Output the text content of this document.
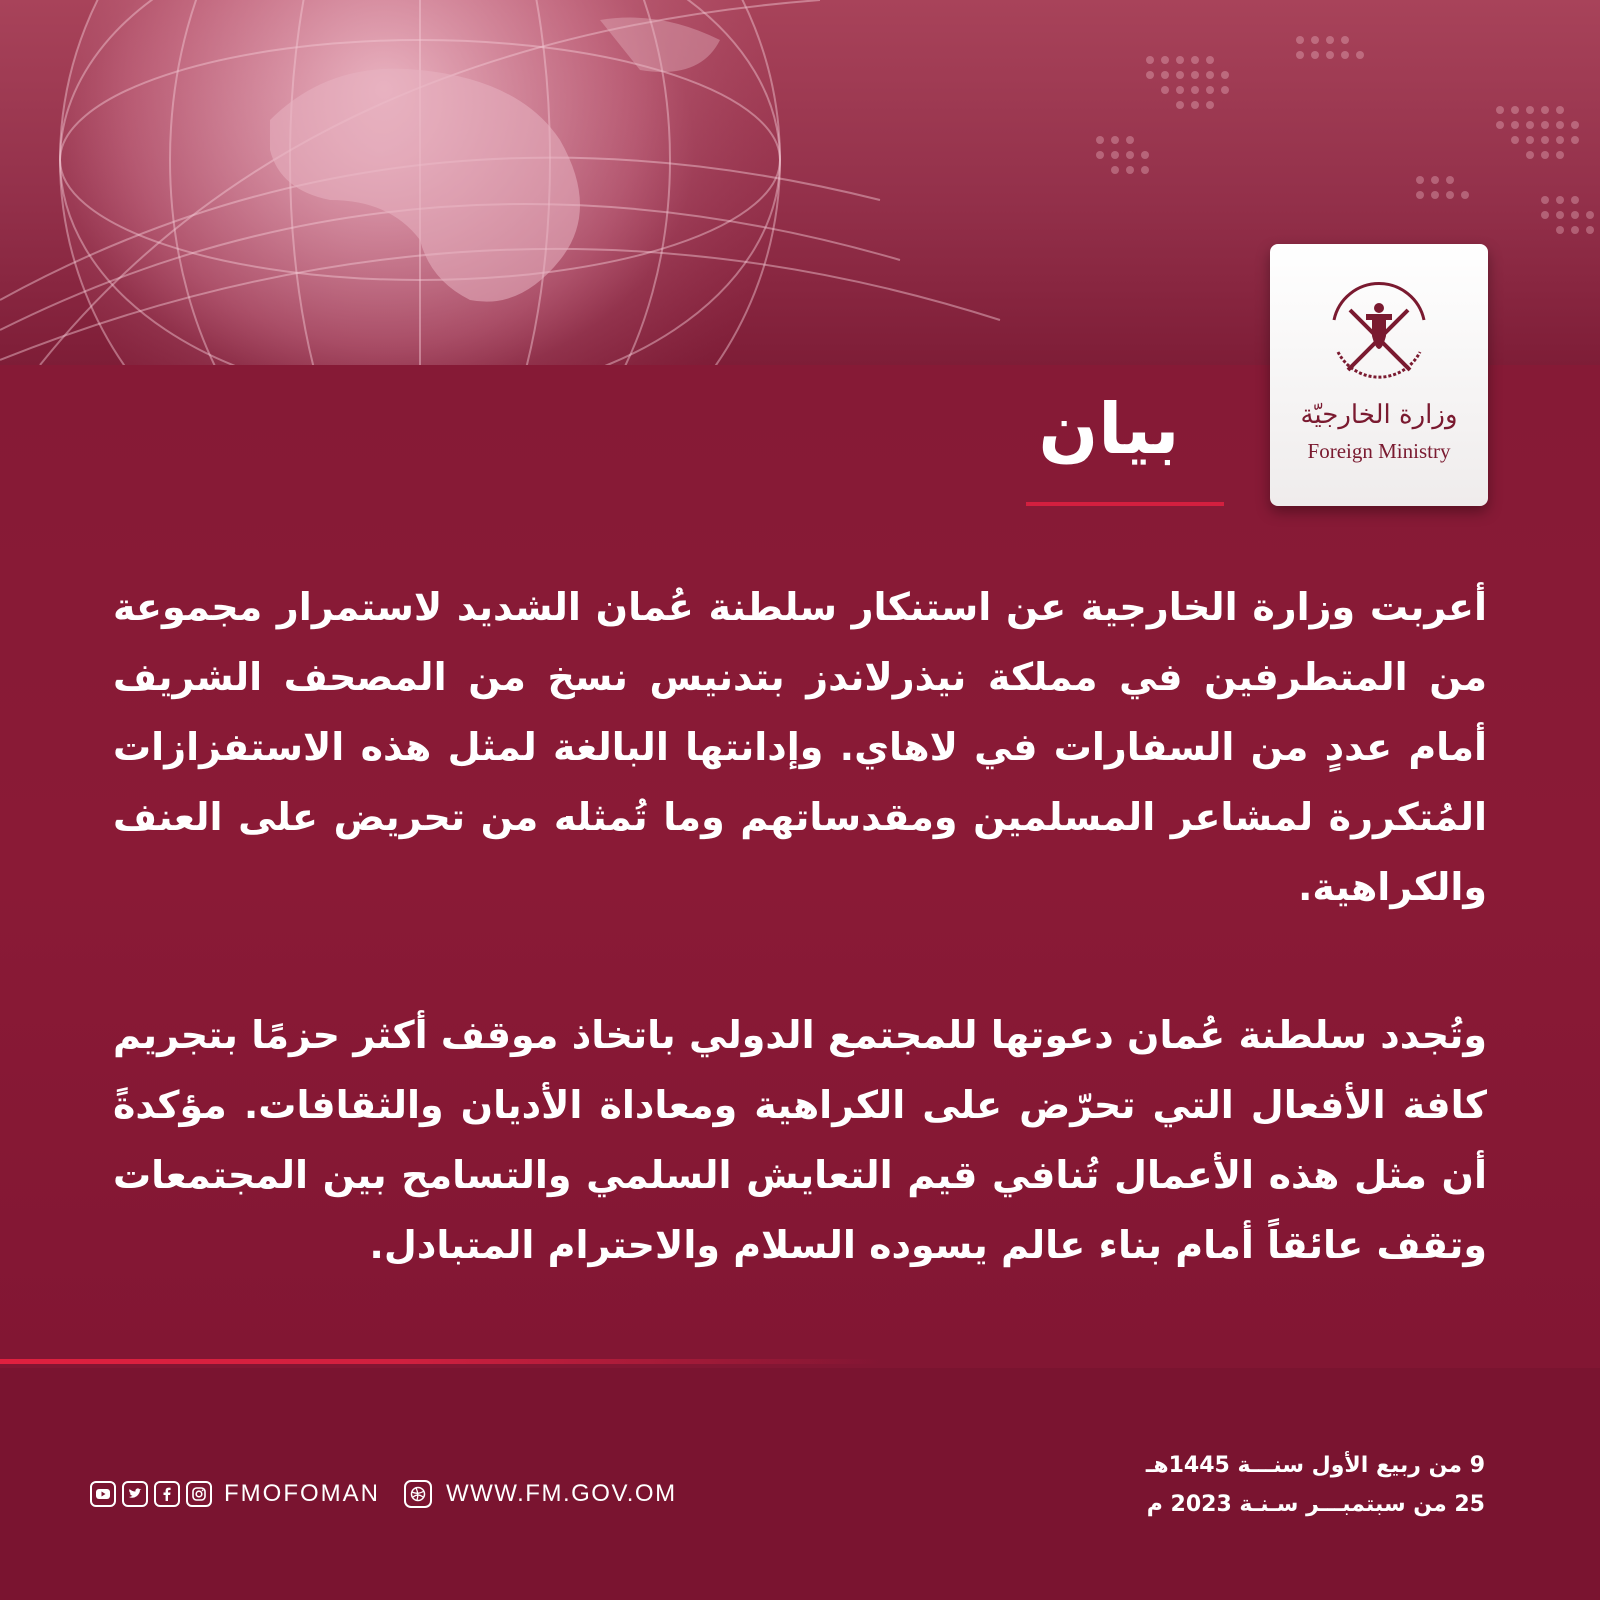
وزارة الخارجيّة
Foreign Ministry
بيان
أعربت وزارة الخارجية عن استنكار سلطنة عُمان الشديد لاستمرار مجموعة من المتطرفين في مملكة نيذرلاندز بتدنيس نسخ من المصحف الشريف أمام عددٍ من السفارات في لاهاي. وإدانتها البالغة لمثل هذه الاستفزازات المُتكررة لمشاعر المسلمين ومقدساتهم وما تُمثله من تحريض على العنف والكراهية.
وتُجدد سلطنة عُمان دعوتها للمجتمع الدولي باتخاذ موقف أكثر حزمًا بتجريم كافة الأفعال التي تحرّض على الكراهية ومعاداة الأديان والثقافات. مؤكدةً أن مثل هذه الأعمال تُنافي قيم التعايش السلمي والتسامح بين المجتمعات وتقف عائقاً أمام بناء عالم يسوده السلام والاحترام المتبادل.
FMOFOMAN	WWW.FM.GOV.OM
9 من ربيع الأول سنـــة 1445هـ
25 من سبتمبـــر سـنـة 2023 م
